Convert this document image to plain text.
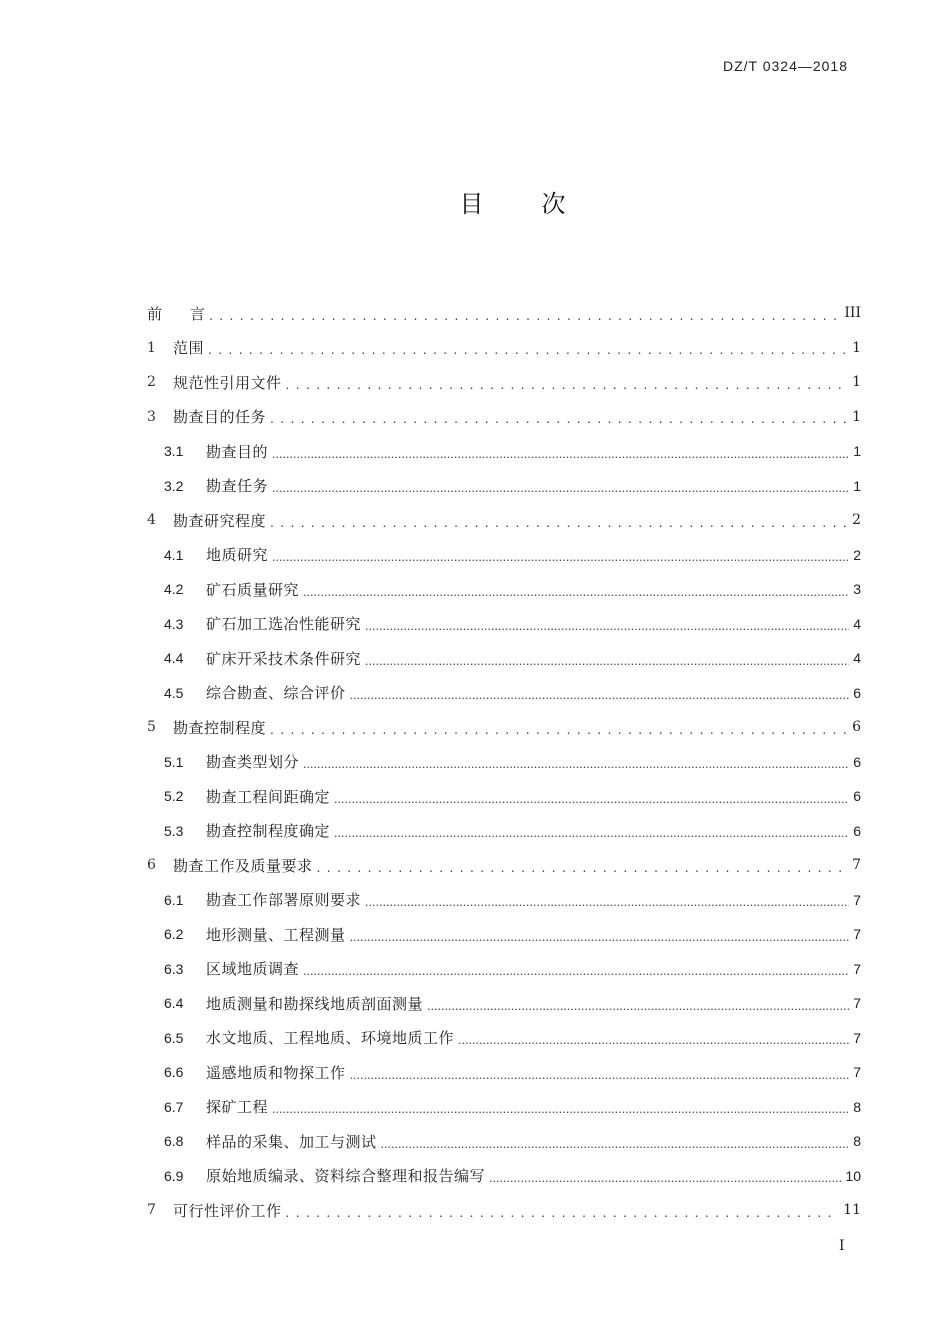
DZ/T 0324—2018
目 次
前 言 . . .	III
1	范围 . . .	1
2	规范性引用文件 . . .	1
3	勘查目的任务 . . .	1
3.1	勘查目的 .....	1
3.2	勘查任务 .....	1
4	勘查研究程度 . . .	2
4.1	地质研究 .....	2
4.2	矿石质量研究 .....	3
4.3	矿石加工选冶性能研究 .....	4
4.4	矿床开采技术条件研究 .....	4
4.5	综合勘查、综合评价 .....	6
5	勘查控制程度 . . .	6
5.1	勘查类型划分 .....	6
5.2	勘查工程间距确定 .....	6
5.3	勘查控制程度确定 .....	6
6	勘查工作及质量要求 . . .	7
6.1	勘查工作部署原则要求 .....	7
6.2	地形测量、工程测量 .....	7
6.3	区域地质调查 .....	7
6.4	地质测量和勘探线地质剖面测量 .....	7
6.5	水文地质、工程地质、环境地质工作 .....	7
6.6	遥感地质和物探工作 .....	7
6.7	探矿工程 .....	8
6.8	样品的采集、加工与测试 .....	8
6.9	原始地质编录、资料综合整理和报告编写 .....	10
7	可行性评价工作 . . .	11
I
